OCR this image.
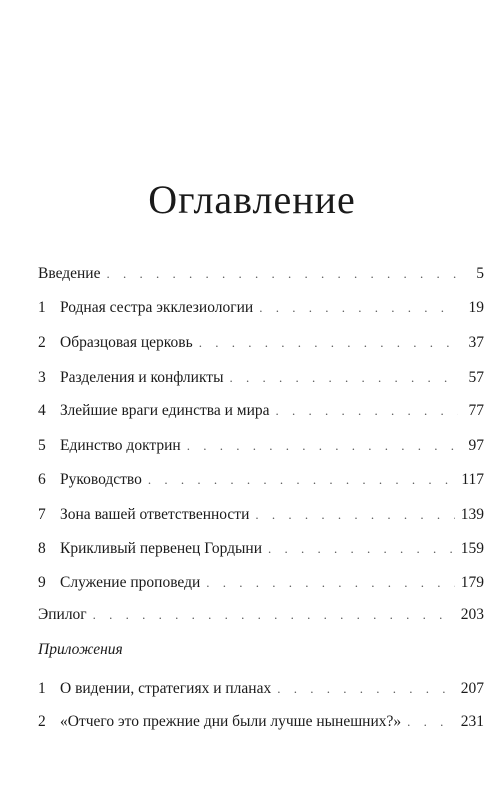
Оглавление
Введение . . .	5
1 Родная сестра экклезиологии . . .	19
2 Образцовая церковь . . .	37
3 Разделения и конфликты . . .	57
4 Злейшие враги единства и мира . . .	77
5 Единство доктрин . . .	97
6 Руководство . . .	117
7 Зона вашей ответственности . . .	139
8 Крикливый первенец Гордыни . . .	159
9 Служение проповеди . . .	179
Эпилог . . .	203
Приложения
1 О видении, стратегиях и планах . . .	207
2 «Отчего это прежние дни были лучше нынешних?» . . .	231
